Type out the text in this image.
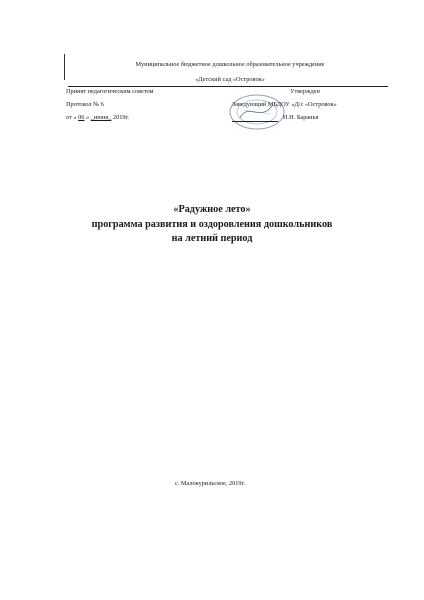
Муниципальное бюджетное дошкольное образовательное учреждение
«Детский сад «Островок»
Принят педагогическим советом
Протокол № 6
от « 06 » _июня_ 2019г.
Утвержден
Заведующий МБДОУ «Д/с «Островок»
Н.Н. Баранья
«Радужное лето»
программа развития и оздоровления дошкольников
на летний период
с. Малокурильское, 2019г.
